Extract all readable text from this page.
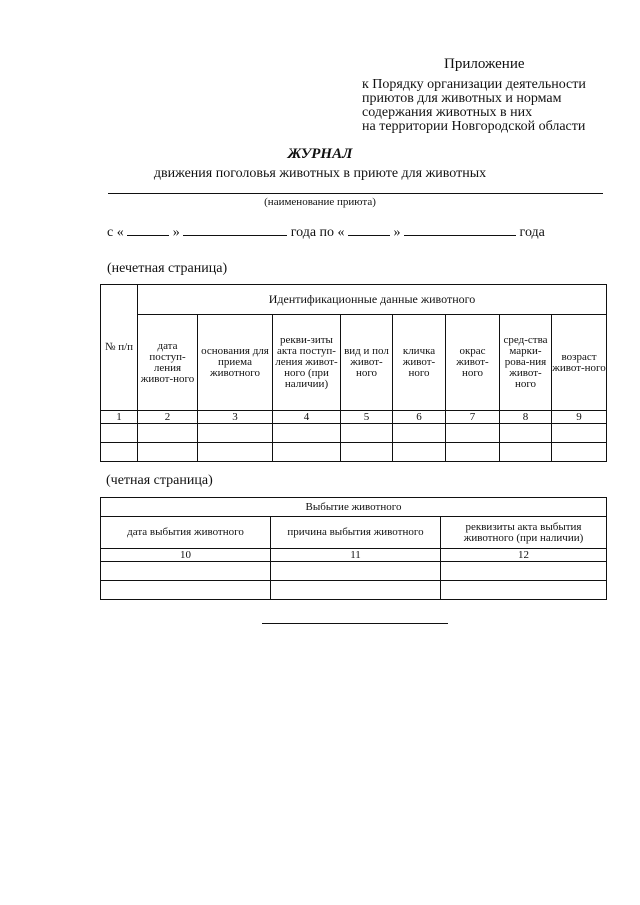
Приложение
к Порядку организации деятельности
приютов для животных и нормам
содержания животных в них
на территории Новгородской области
ЖУРНАЛ
движения поголовья животных в приюте для животных
(наименование приюта)
с «	»	года по «	»	года
(нечетная страница)
№ п/п	Идентификационные данные животного							
	дата поступ-ления живот-ного	основания для приема животного	рекви-зиты акта поступ-ления живот-ного (при наличии)	вид и пол живот-ного	кличка живот-ного	окрас живот-ного	сред-ства марки-рова-ния живот-ного	возраст живот-ного
1	2	3	4	5	6	7	8	9

(четная страница)
Выбытие животного		
дата выбытия животного	причина выбытия животного	реквизиты акта выбытия животного (при наличии)
10	11	12
